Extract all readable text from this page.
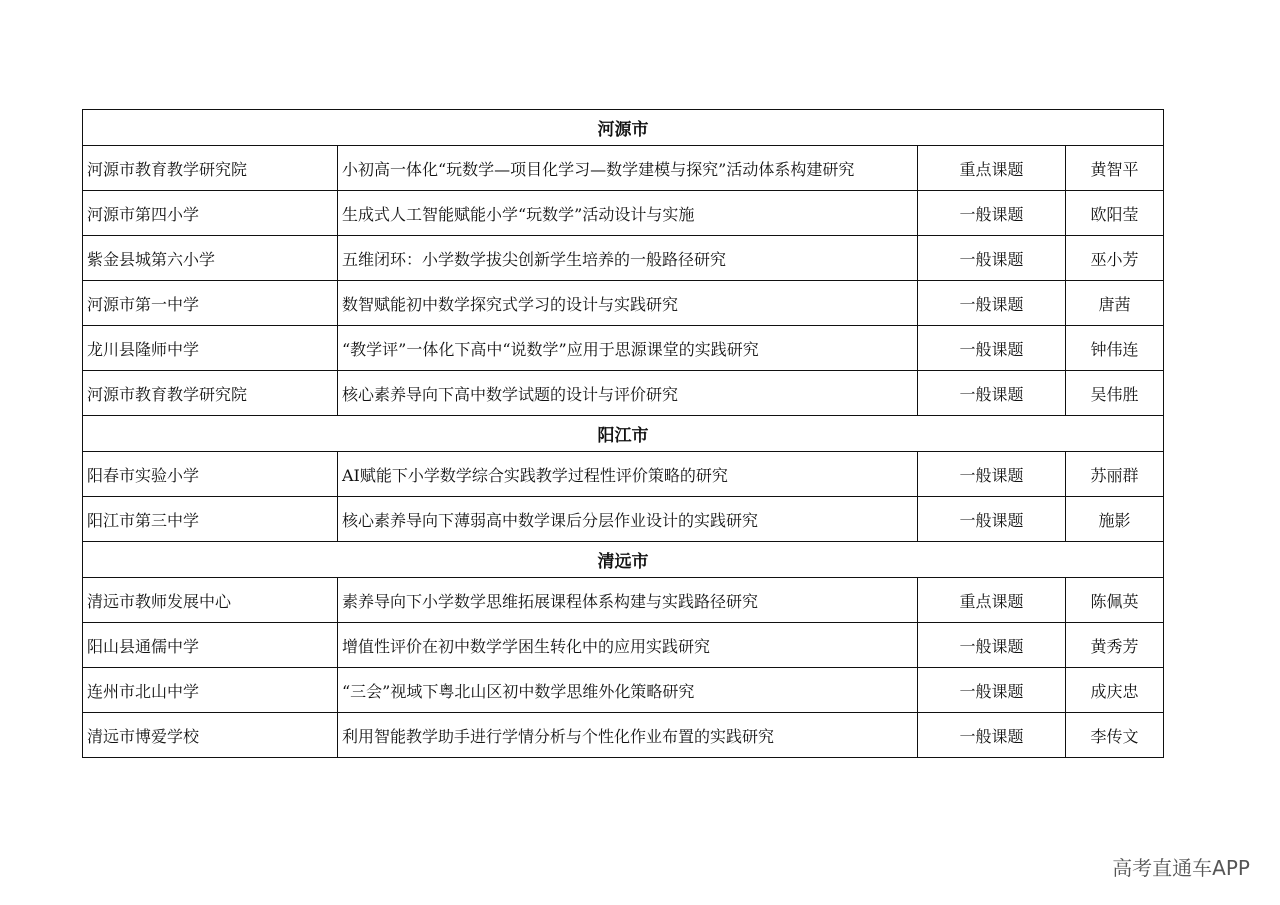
河源市			
河源市教育教学研究院	小初高一体化“玩数学—项目化学习—数学建模与探究”活动体系构建研究	重点课题	黄智平
河源市第四小学	生成式人工智能赋能小学“玩数学”活动设计与实施	一般课题	欧阳莹
紫金县城第六小学	五维闭环：小学数学拔尖创新学生培养的一般路径研究	一般课题	巫小芳
河源市第一中学	数智赋能初中数学探究式学习的设计与实践研究	一般课题	唐茜
龙川县隆师中学	“教学评”一体化下高中“说数学”应用于思源课堂的实践研究	一般课题	钟伟连
河源市教育教学研究院	核心素养导向下高中数学试题的设计与评价研究	一般课题	吴伟胜
阳江市			
阳春市实验小学	AI赋能下小学数学综合实践教学过程性评价策略的研究	一般课题	苏丽群
阳江市第三中学	核心素养导向下薄弱高中数学课后分层作业设计的实践研究	一般课题	施影
清远市			
清远市教师发展中心	素养导向下小学数学思维拓展课程体系构建与实践路径研究	重点课题	陈佩英
阳山县通儒中学	增值性评价在初中数学学困生转化中的应用实践研究	一般课题	黄秀芳
连州市北山中学	“三会”视域下粤北山区初中数学思维外化策略研究	一般课题	成庆忠
清远市博爱学校	利用智能教学助手进行学情分析与个性化作业布置的实践研究	一般课题	李传文
高考直通车APP
